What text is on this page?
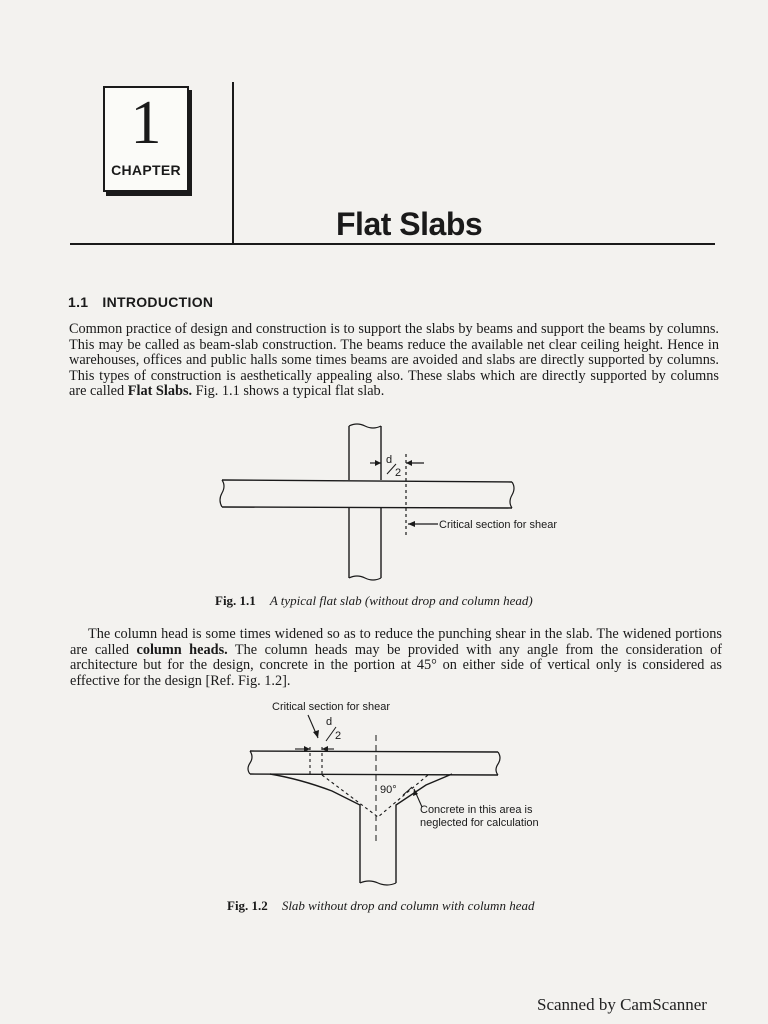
1
CHAPTER
Flat Slabs
1.1 INTRODUCTION
Common practice of design and construction is to support the slabs by beams and support the beams by columns. This may be called as beam-slab construction. The beams reduce the available net clear ceiling height. Hence in warehouses, offices and public halls some times beams are avoided and slabs are directly supported by columns. This types of construction is aesthetically appealing also. These slabs which are directly supported by columns are called Flat Slabs. Fig. 1.1 shows a typical flat slab.
d
2
Critical section for shear
Fig. 1.1 A typical flat slab (without drop and column head)
The column head is some times widened so as to reduce the punching shear in the slab. The widened portions are called column heads. The column heads may be provided with any angle from the consideration of architecture but for the design, concrete in the portion at 45° on either side of vertical only is considered as effective for the design [Ref. Fig. 1.2].
Critical section for shear
d
2
90°
Concrete in this area is
neglected for calculation
Fig. 1.2 Slab without drop and column with column head
Scanned by CamScanner
